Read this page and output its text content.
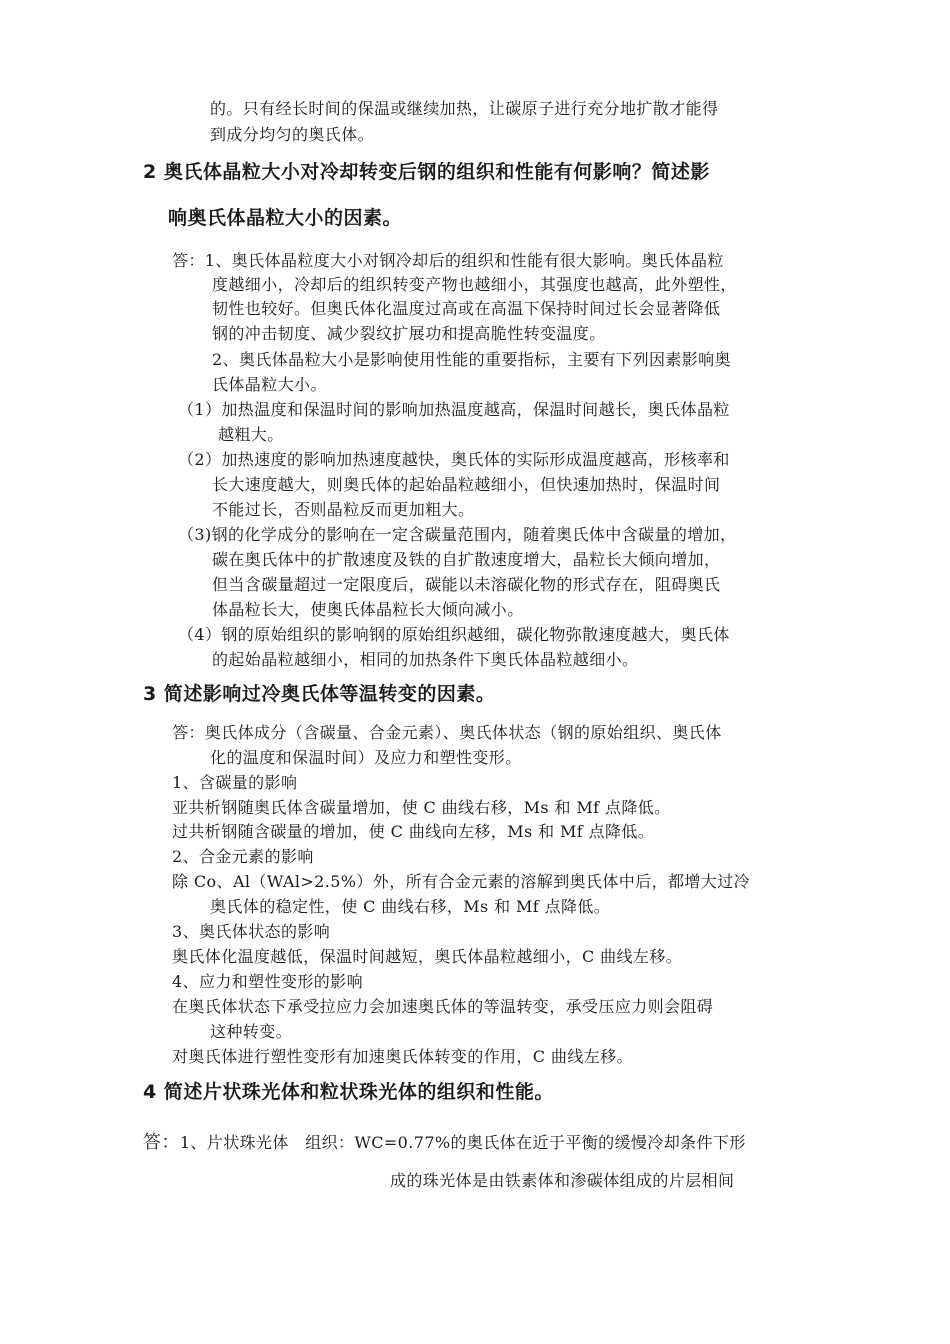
的。只有经长时间的保温或继续加热，让碳原子进行充分地扩散才能得
到成分均匀的奥氏体。
2 奥氏体晶粒大小对冷却转变后钢的组织和性能有何影响？简述影
响奥氏体晶粒大小的因素。
答：1、奥氏体晶粒度大小对钢冷却后的组织和性能有很大影响。奥氏体晶粒
度越细小，冷却后的组织转变产物也越细小，其强度也越高，此外塑性，
韧性也较好。但奥氏体化温度过高或在高温下保持时间过长会显著降低
钢的冲击韧度、减少裂纹扩展功和提高脆性转变温度。
2、奥氏体晶粒大小是影响使用性能的重要指标，主要有下列因素影响奥
氏体晶粒大小。
（1）加热温度和保温时间的影响加热温度越高，保温时间越长，奥氏体晶粒
越粗大。
（2）加热速度的影响加热速度越快，奥氏体的实际形成温度越高，形核率和
长大速度越大，则奥氏体的起始晶粒越细小，但快速加热时，保温时间
不能过长，否则晶粒反而更加粗大。
（3)钢的化学成分的影响在一定含碳量范围内，随着奥氏体中含碳量的增加，
碳在奥氏体中的扩散速度及铁的自扩散速度增大，晶粒长大倾向增加，
但当含碳量超过一定限度后，碳能以未溶碳化物的形式存在，阻碍奥氏
体晶粒长大，使奥氏体晶粒长大倾向减小。
（4）钢的原始组织的影响钢的原始组织越细，碳化物弥散速度越大，奥氏体
的起始晶粒越细小，相同的加热条件下奥氏体晶粒越细小。
3 简述影响过冷奥氏体等温转变的因素。
答：奥氏体成分（含碳量、合金元素）、奥氏体状态（钢的原始组织、奥氏体
化的温度和保温时间）及应力和塑性变形。
1、含碳量的影响
亚共析钢随奥氏体含碳量增加，使 C 曲线右移，Ms 和 Mf 点降低。
过共析钢随含碳量的增加，使 C 曲线向左移，Ms 和 Mf 点降低。
2、合金元素的影响
除 Co、Al（WAl>2.5%）外，所有合金元素的溶解到奥氏体中后，都增大过冷
奥氏体的稳定性，使 C 曲线右移，Ms 和 Mf 点降低。
3、奥氏体状态的影响
奥氏体化温度越低，保温时间越短，奥氏体晶粒越细小，C 曲线左移。
4、应力和塑性变形的影响
在奥氏体状态下承受拉应力会加速奥氏体的等温转变，承受压应力则会阻碍
这种转变。
对奥氏体进行塑性变形有加速奥氏体转变的作用，C 曲线左移。
4 简述片状珠光体和粒状珠光体的组织和性能。
答：1、片状珠光体　组织：WC=0.77%的奥氏体在近于平衡的缓慢冷却条件下形
成的珠光体是由铁素体和渗碳体组成的片层相间
